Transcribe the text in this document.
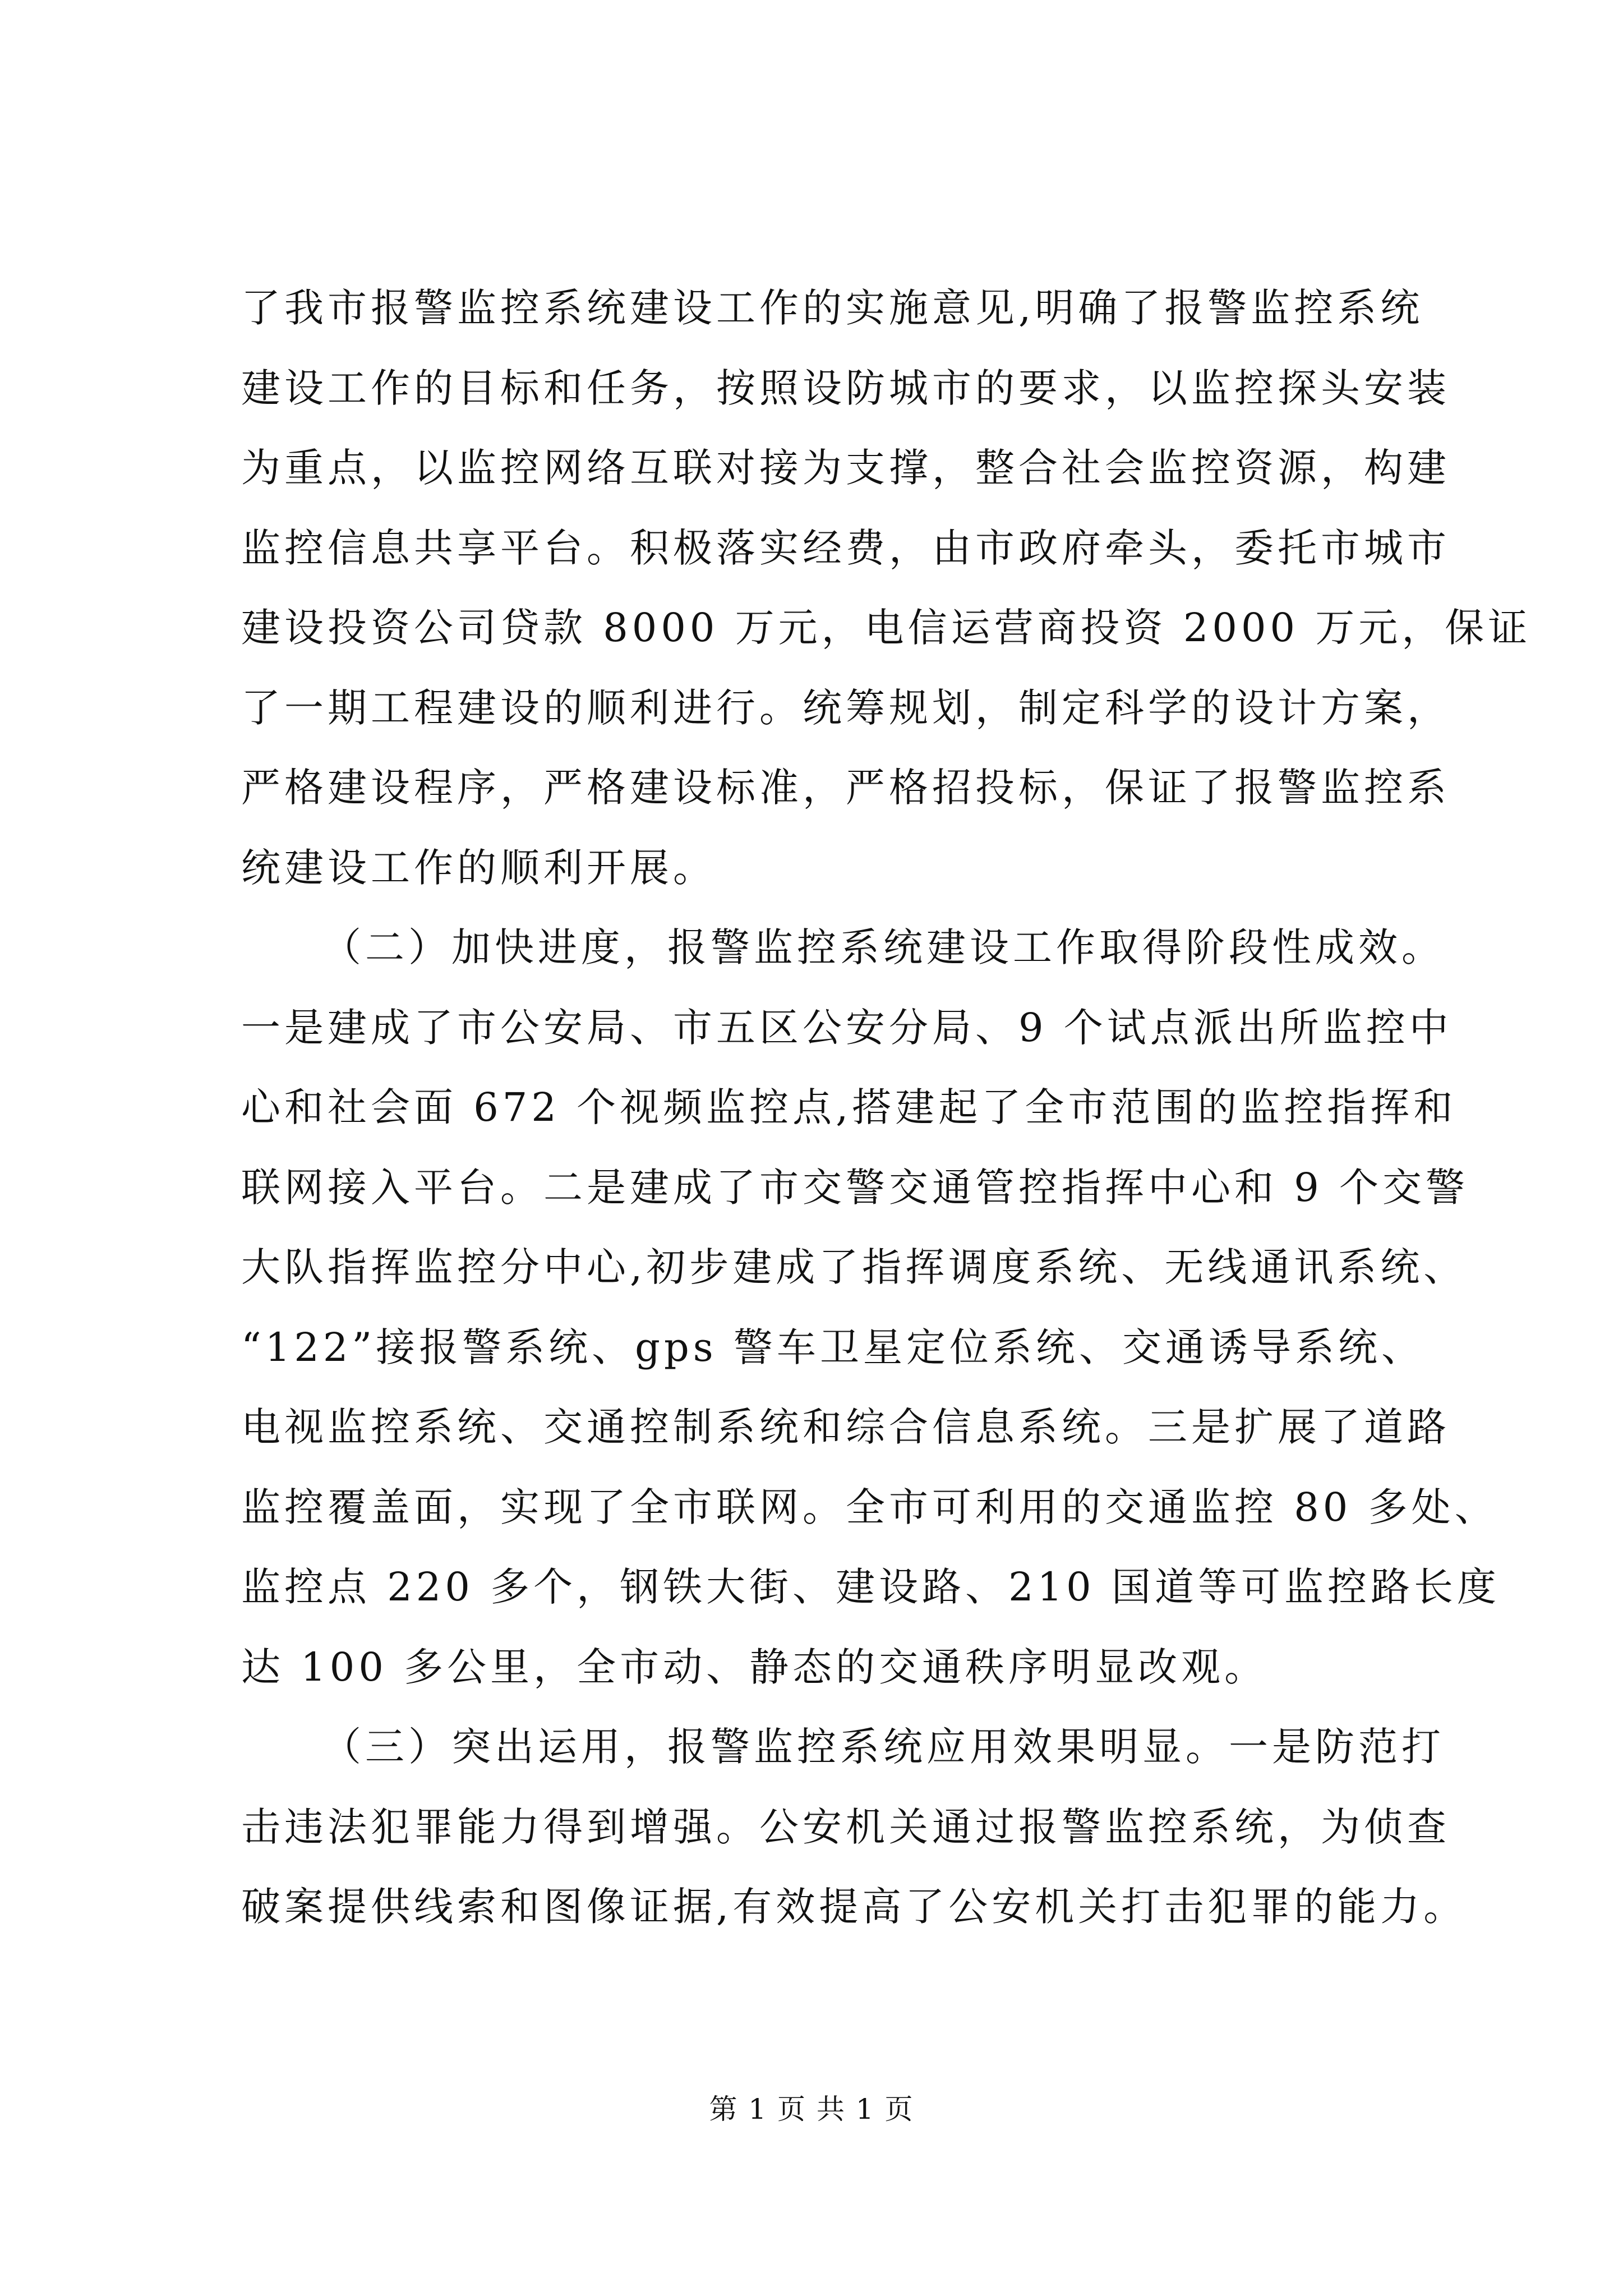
了我市报警监控系统建设工作的实施意见,明确了报警监控系统
建设工作的目标和任务，按照设防城市的要求，以监控探头安装
为重点，以监控网络互联对接为支撑，整合社会监控资源，构建
监控信息共享平台。积极落实经费，由市政府牵头，委托市城市
建设投资公司贷款 8000 万元，电信运营商投资 2000 万元，保证
了一期工程建设的顺利进行。统筹规划，制定科学的设计方案，
严格建设程序，严格建设标准，严格招投标，保证了报警监控系
统建设工作的顺利开展。
（二）加快进度，报警监控系统建设工作取得阶段性成效。
一是建成了市公安局、市五区公安分局、9 个试点派出所监控中
心和社会面 672 个视频监控点,搭建起了全市范围的监控指挥和
联网接入平台。二是建成了市交警交通管控指挥中心和 9 个交警
大队指挥监控分中心,初步建成了指挥调度系统、无线通讯系统、
“122”接报警系统、gps 警车卫星定位系统、交通诱导系统、
电视监控系统、交通控制系统和综合信息系统。三是扩展了道路
监控覆盖面，实现了全市联网。全市可利用的交通监控 80 多处、
监控点 220 多个，钢铁大街、建设路、210 国道等可监控路长度
达 100 多公里，全市动、静态的交通秩序明显改观。
（三）突出运用，报警监控系统应用效果明显。一是防范打
击违法犯罪能力得到增强。公安机关通过报警监控系统，为侦查
破案提供线索和图像证据,有效提高了公安机关打击犯罪的能力。
第 1 页 共 1 页
